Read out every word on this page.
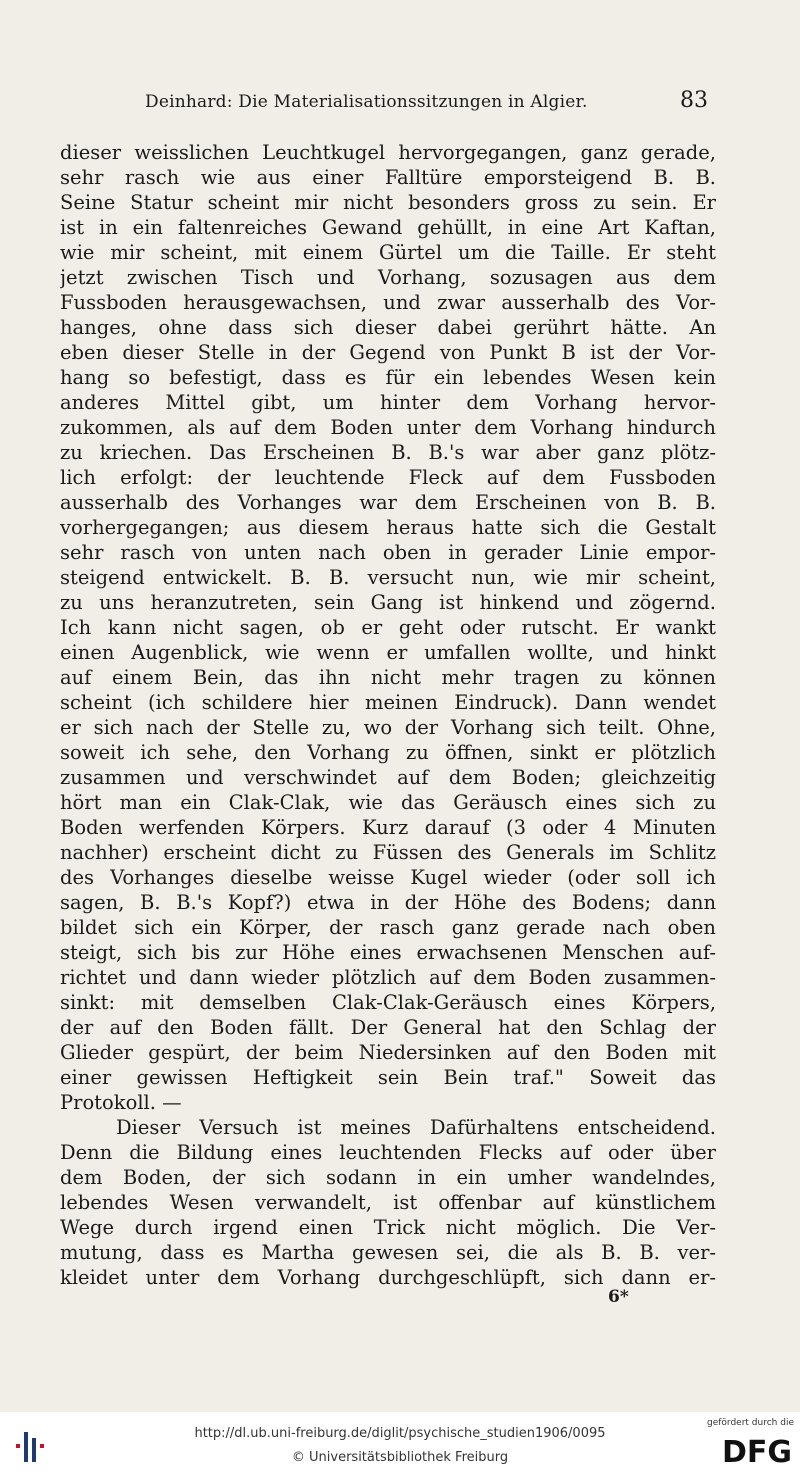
Deinhard: Die Materialisationssitzungen in Algier.	83
dieser weisslichen Leuchtkugel hervorgegangen, ganz gerade,
sehr rasch wie aus einer Falltüre emporsteigend B. B.
Seine Statur scheint mir nicht besonders gross zu sein. Er
ist in ein faltenreiches Gewand gehüllt, in eine Art Kaftan,
wie mir scheint, mit einem Gürtel um die Taille. Er steht
jetzt zwischen Tisch und Vorhang, sozusagen aus dem
Fussboden herausgewachsen, und zwar ausserhalb des Vor-
hanges, ohne dass sich dieser dabei gerührt hätte. An
eben dieser Stelle in der Gegend von Punkt B ist der Vor-
hang so befestigt, dass es für ein lebendes Wesen kein
anderes Mittel gibt, um hinter dem Vorhang hervor-
zukommen, als auf dem Boden unter dem Vorhang hindurch
zu kriechen. Das Erscheinen B. B.'s war aber ganz plötz-
lich erfolgt: der leuchtende Fleck auf dem Fussboden
ausserhalb des Vorhanges war dem Erscheinen von B. B.
vorhergegangen; aus diesem heraus hatte sich die Gestalt
sehr rasch von unten nach oben in gerader Linie empor-
steigend entwickelt. B. B. versucht nun, wie mir scheint,
zu uns heranzutreten, sein Gang ist hinkend und zögernd.
Ich kann nicht sagen, ob er geht oder rutscht. Er wankt
einen Augenblick, wie wenn er umfallen wollte, und hinkt
auf einem Bein, das ihn nicht mehr tragen zu können
scheint (ich schildere hier meinen Eindruck). Dann wendet
er sich nach der Stelle zu, wo der Vorhang sich teilt. Ohne,
soweit ich sehe, den Vorhang zu öffnen, sinkt er plötzlich
zusammen und verschwindet auf dem Boden; gleichzeitig
hört man ein Clak-Clak, wie das Geräusch eines sich zu
Boden werfenden Körpers. Kurz darauf (3 oder 4 Minuten
nachher) erscheint dicht zu Füssen des Generals im Schlitz
des Vorhanges dieselbe weisse Kugel wieder (oder soll ich
sagen, B. B.'s Kopf?) etwa in der Höhe des Bodens; dann
bildet sich ein Körper, der rasch ganz gerade nach oben
steigt, sich bis zur Höhe eines erwachsenen Menschen auf-
richtet und dann wieder plötzlich auf dem Boden zusammen-
sinkt: mit demselben Clak-Clak-Geräusch eines Körpers,
der auf den Boden fällt. Der General hat den Schlag der
Glieder gespürt, der beim Niedersinken auf den Boden mit
einer gewissen Heftigkeit sein Bein traf." Soweit das
Protokoll. —
Dieser Versuch ist meines Dafürhaltens entscheidend.
Denn die Bildung eines leuchtenden Flecks auf oder über
dem Boden, der sich sodann in ein umher wandelndes,
lebendes Wesen verwandelt, ist offenbar auf künstlichem
Wege durch irgend einen Trick nicht möglich. Die Ver-
mutung, dass es Martha gewesen sei, die als B. B. ver-
kleidet unter dem Vorhang durchgeschlüpft, sich dann er-
6*
http://dl.ub.uni-freiburg.de/diglit/psychische_studien1906/0095
© Universitätsbibliothek Freiburg
gefördert durch die
DFG
